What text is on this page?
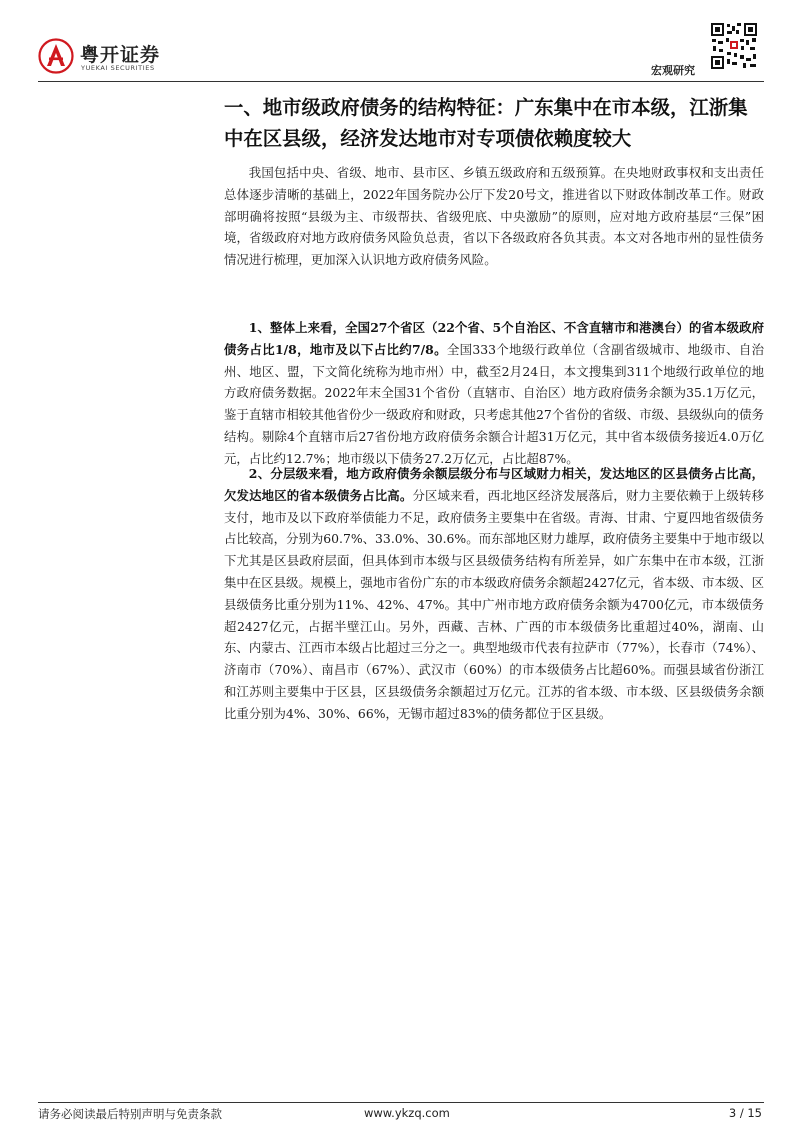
粤开证券
YUEKAI SECURITIES	宏观研究
一、地市级政府债务的结构特征：广东集中在市本级，江浙集中在区县级，经济发达地市对专项债依赖度较大

我国包括中央、省级、地市、县市区、乡镇五级政府和五级预算。在央地财政事权和支出责任总体逐步清晰的基础上，2022年国务院办公厅下发20号文，推进省以下财政体制改革工作。财政部明确将按照“县级为主、市级帮扶、省级兜底、中央激励”的原则，应对地方政府基层“三保”困境，省级政府对地方政府债务风险负总责，省以下各级政府各负其责。本文对各地市州的显性债务情况进行梳理，更加深入认识地方政府债务风险。

1、整体上来看，全国27个省区（22个省、5个自治区、不含直辖市和港澳台）的省本级政府债务占比1/8，地市及以下占比约7/8。全国333个地级行政单位（含副省级城市、地级市、自治州、地区、盟，下文简化统称为地市州）中，截至2月24日，本文搜集到311个地级行政单位的地方政府债务数据。2022年末全国31个省份（直辖市、自治区）地方政府债务余额为35.1万亿元，鉴于直辖市相较其他省份少一级政府和财政，只考虑其他27个省份的省级、市级、县级纵向的债务结构。剔除4个直辖市后27省份地方政府债务余额合计超31万亿元，其中省本级债务接近4.0万亿元，占比约12.7%；地市级以下债务27.2万亿元，占比超87%。

2、分层级来看，地方政府债务余额层级分布与区域财力相关，发达地区的区县债务占比高，欠发达地区的省本级债务占比高。分区域来看，西北地区经济发展落后，财力主要依赖于上级转移支付，地市及以下政府举债能力不足，政府债务主要集中在省级。青海、甘肃、宁夏四地省级债务占比较高，分别为60.7%、33.0%、30.6%。而东部地区财力雄厚，政府债务主要集中于地市级以下尤其是区县政府层面，但具体到市本级与区县级债务结构有所差异，如广东集中在市本级，江浙集中在区县级。规模上，强地市省份广东的市本级政府债务余额超2427亿元，省本级、市本级、区县级债务比重分别为11%、42%、47%。其中广州市地方政府债务余额为4700亿元，市本级债务超2427亿元，占据半壁江山。另外，西藏、吉林、广西的市本级债务比重超过40%，湖南、山东、内蒙古、江西市本级占比超过三分之一。典型地级市代表有拉萨市（77%），长春市（74%）、济南市（70%）、南昌市（67%）、武汉市（60%）的市本级债务占比超60%。而强县域省份浙江和江苏则主要集中于区县，区县级债务余额超过万亿元。江苏的省本级、市本级、区县级债务余额比重分别为4%、30%、66%，无锡市超过83%的债务都位于区县级。

请务必阅读最后特别声明与免责条款	www.ykzq.com	3 / 15
